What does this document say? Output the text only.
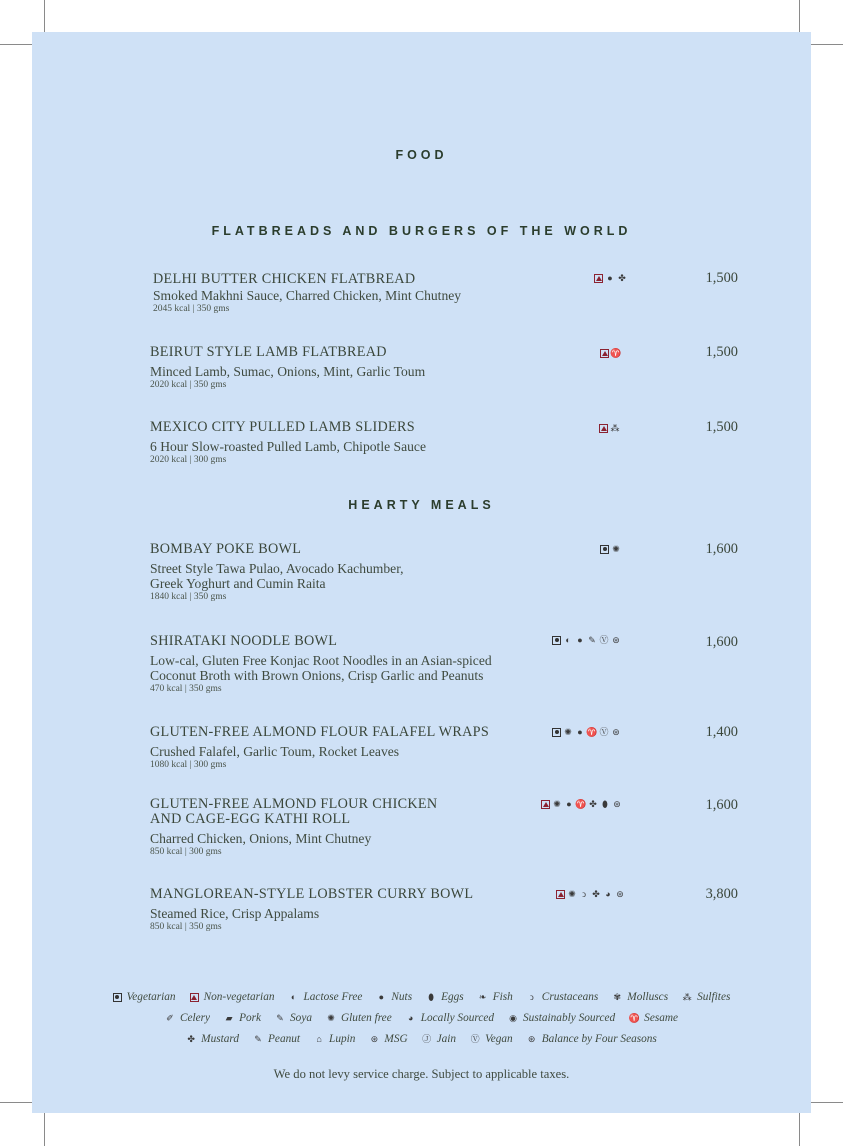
FOOD
FLATBREADS AND BURGERS OF THE WORLD
DELHI BUTTER CHICKEN FLATBREAD
Smoked Makhni Sauce, Charred Chicken, Mint Chutney
2045 kcal | 350 gms
● ✤	1,500
BEIRUT STYLE LAMB FLATBREAD
Minced Lamb, Sumac, Onions, Mint, Garlic Toum
2020 kcal | 350 gms
♈	1,500
MEXICO CITY PULLED LAMB SLIDERS
6 Hour Slow-roasted Pulled Lamb, Chipotle Sauce
2020 kcal | 300 gms
⁂	1,500
HEARTY MEALS
BOMBAY POKE BOWL
Street Style Tawa Pulao, Avocado Kachumber,
Greek Yoghurt and Cumin Raita
1840 kcal | 350 gms
✺	1,600
SHIRATAKI NOODLE BOWL
Low-cal, Gluten Free Konjac Root Noodles in an Asian-spiced
Coconut Broth with Brown Onions, Crisp Garlic and Peanuts
470 kcal | 350 gms
◐ ● ✎ Ⓥ ⊛	1,600
GLUTEN-FREE ALMOND FLOUR FALAFEL WRAPS
Crushed Falafel, Garlic Toum, Rocket Leaves
1080 kcal | 300 gms
✺ ● ♈ Ⓥ ⊛	1,400
GLUTEN-FREE ALMOND FLOUR CHICKEN
AND CAGE-EGG KATHI ROLL
Charred Chicken, Onions, Mint Chutney
850 kcal | 300 gms
✺ ● ♈ ✤ ⬮ ⊛	1,600
MANGLOREAN-STYLE LOBSTER CURRY BOWL
Steamed Rice, Crisp Appalams
850 kcal | 350 gms
✺ ↄ ✤ ◕ ⊛	3,800
Vegetarian Non-vegetarian ◐ Lactose Free ● Nuts ⬮ Eggs ❧ Fish	ↄ Crustaceans ✾ Molluscs ⁂ Sulfites
✐ Celery ▰ Pork ✎ Soya ✺ Gluten free ◕ Locally Sourced ◉ Sustainably Sourced ♈ Sesame
✤ Mustard ✎ Peanut ⌂ Lupin ⊛ MSG Ⓙ Jain Ⓥ Vegan ⊛ Balance by Four Seasons
We do not levy service charge. Subject to applicable taxes.
